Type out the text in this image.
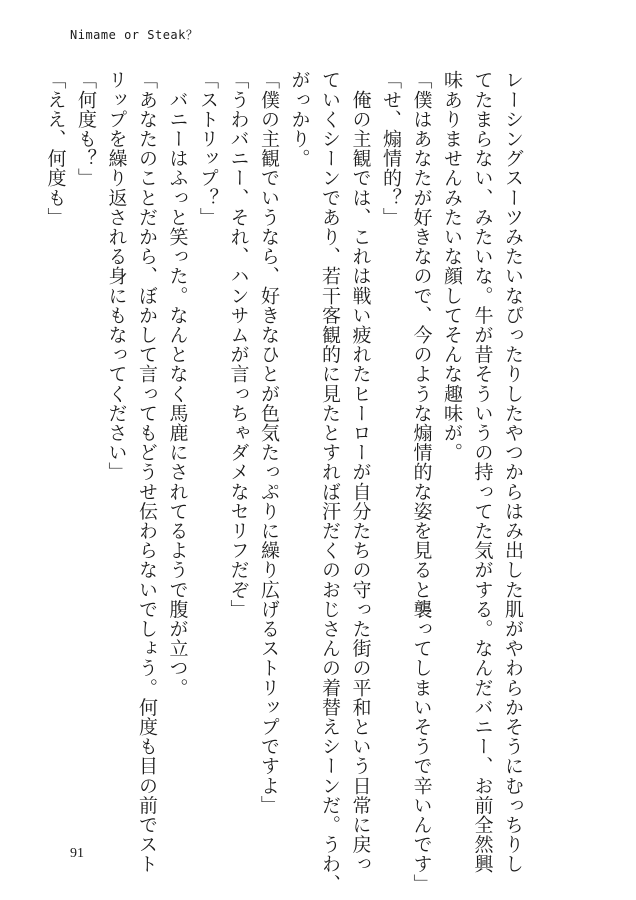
Nimame or Steak？
レーシングスーツみたいなぴったりしたやつからはみ出した肌がやわらかそうにむっちりし
てたまらない、みたいな。牛が昔そういうの持ってた気がする。なんだバニー、お前全然興
味ありませんみたいな顔してそんな趣味が。
「僕はあなたが好きなので、今のような煽情的な姿を見ると襲ってしまいそうで辛いんです」
「せ、煽情的？」
　俺の主観では、これは戦い疲れたヒーローが自分たちの守った街の平和という日常に戻っ
ていくシーンであり、若干客観的に見たとすれば汗だくのおじさんの着替えシーンだ。うわ、
がっかり。
「僕の主観でいうなら、好きなひとが色気たっぷりに繰り広げるストリップですよ」
「うわバニー、それ、ハンサムが言っちゃダメなセリフだぞ」
「ストリップ？」
　バニーはふっと笑った。なんとなく馬鹿にされてるようで腹が立つ。
「あなたのことだから、ぼかして言ってもどうせ伝わらないでしょう。何度も目の前でスト
リップを繰り返される身にもなってください」
「何度も？」
「ええ、何度も」
91
